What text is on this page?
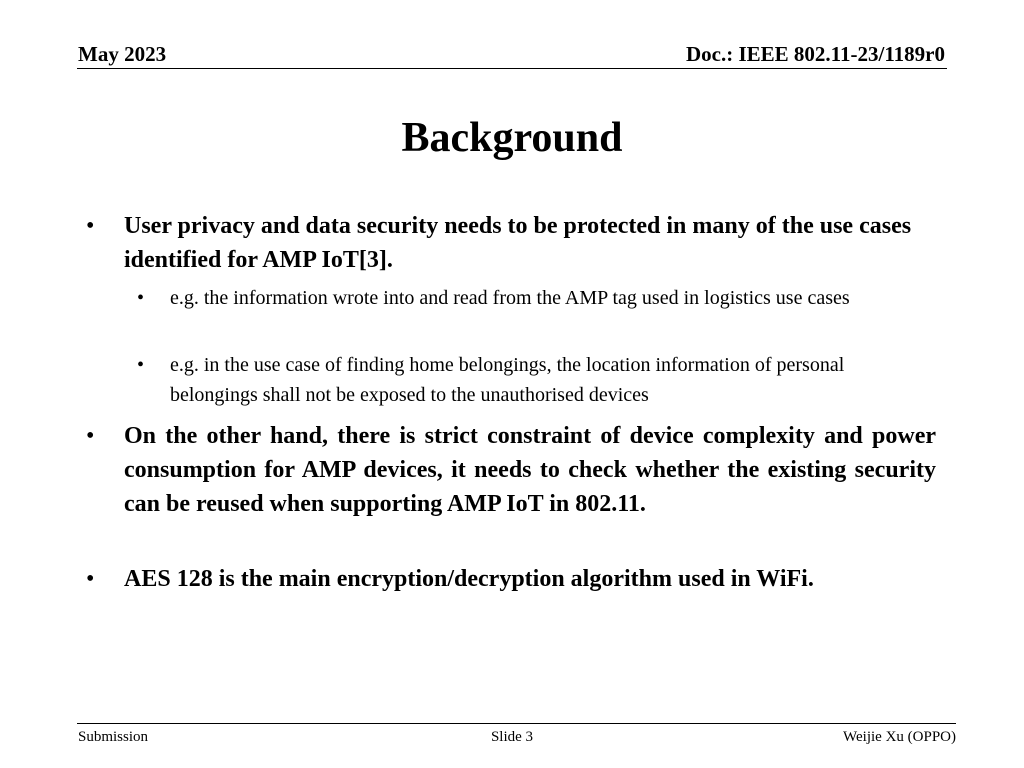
May 2023	Doc.: IEEE 802.11-23/1189r0
Background
• User privacy and data security needs to be protected in many of the use cases identified for AMP IoT[3].
• e.g. the information wrote into and read from the AMP tag used in logistics use cases
• e.g. in the use case of finding home belongings, the location information of personal belongings shall not be exposed to the unauthorised devices
• On the other hand, there is strict constraint of device complexity and power consumption for AMP devices, it needs to check whether the existing security can be reused when supporting AMP IoT in 802.11.
• AES 128 is the main encryption/decryption algorithm used in WiFi.
Submission	Slide 3	Weijie Xu (OPPO)
